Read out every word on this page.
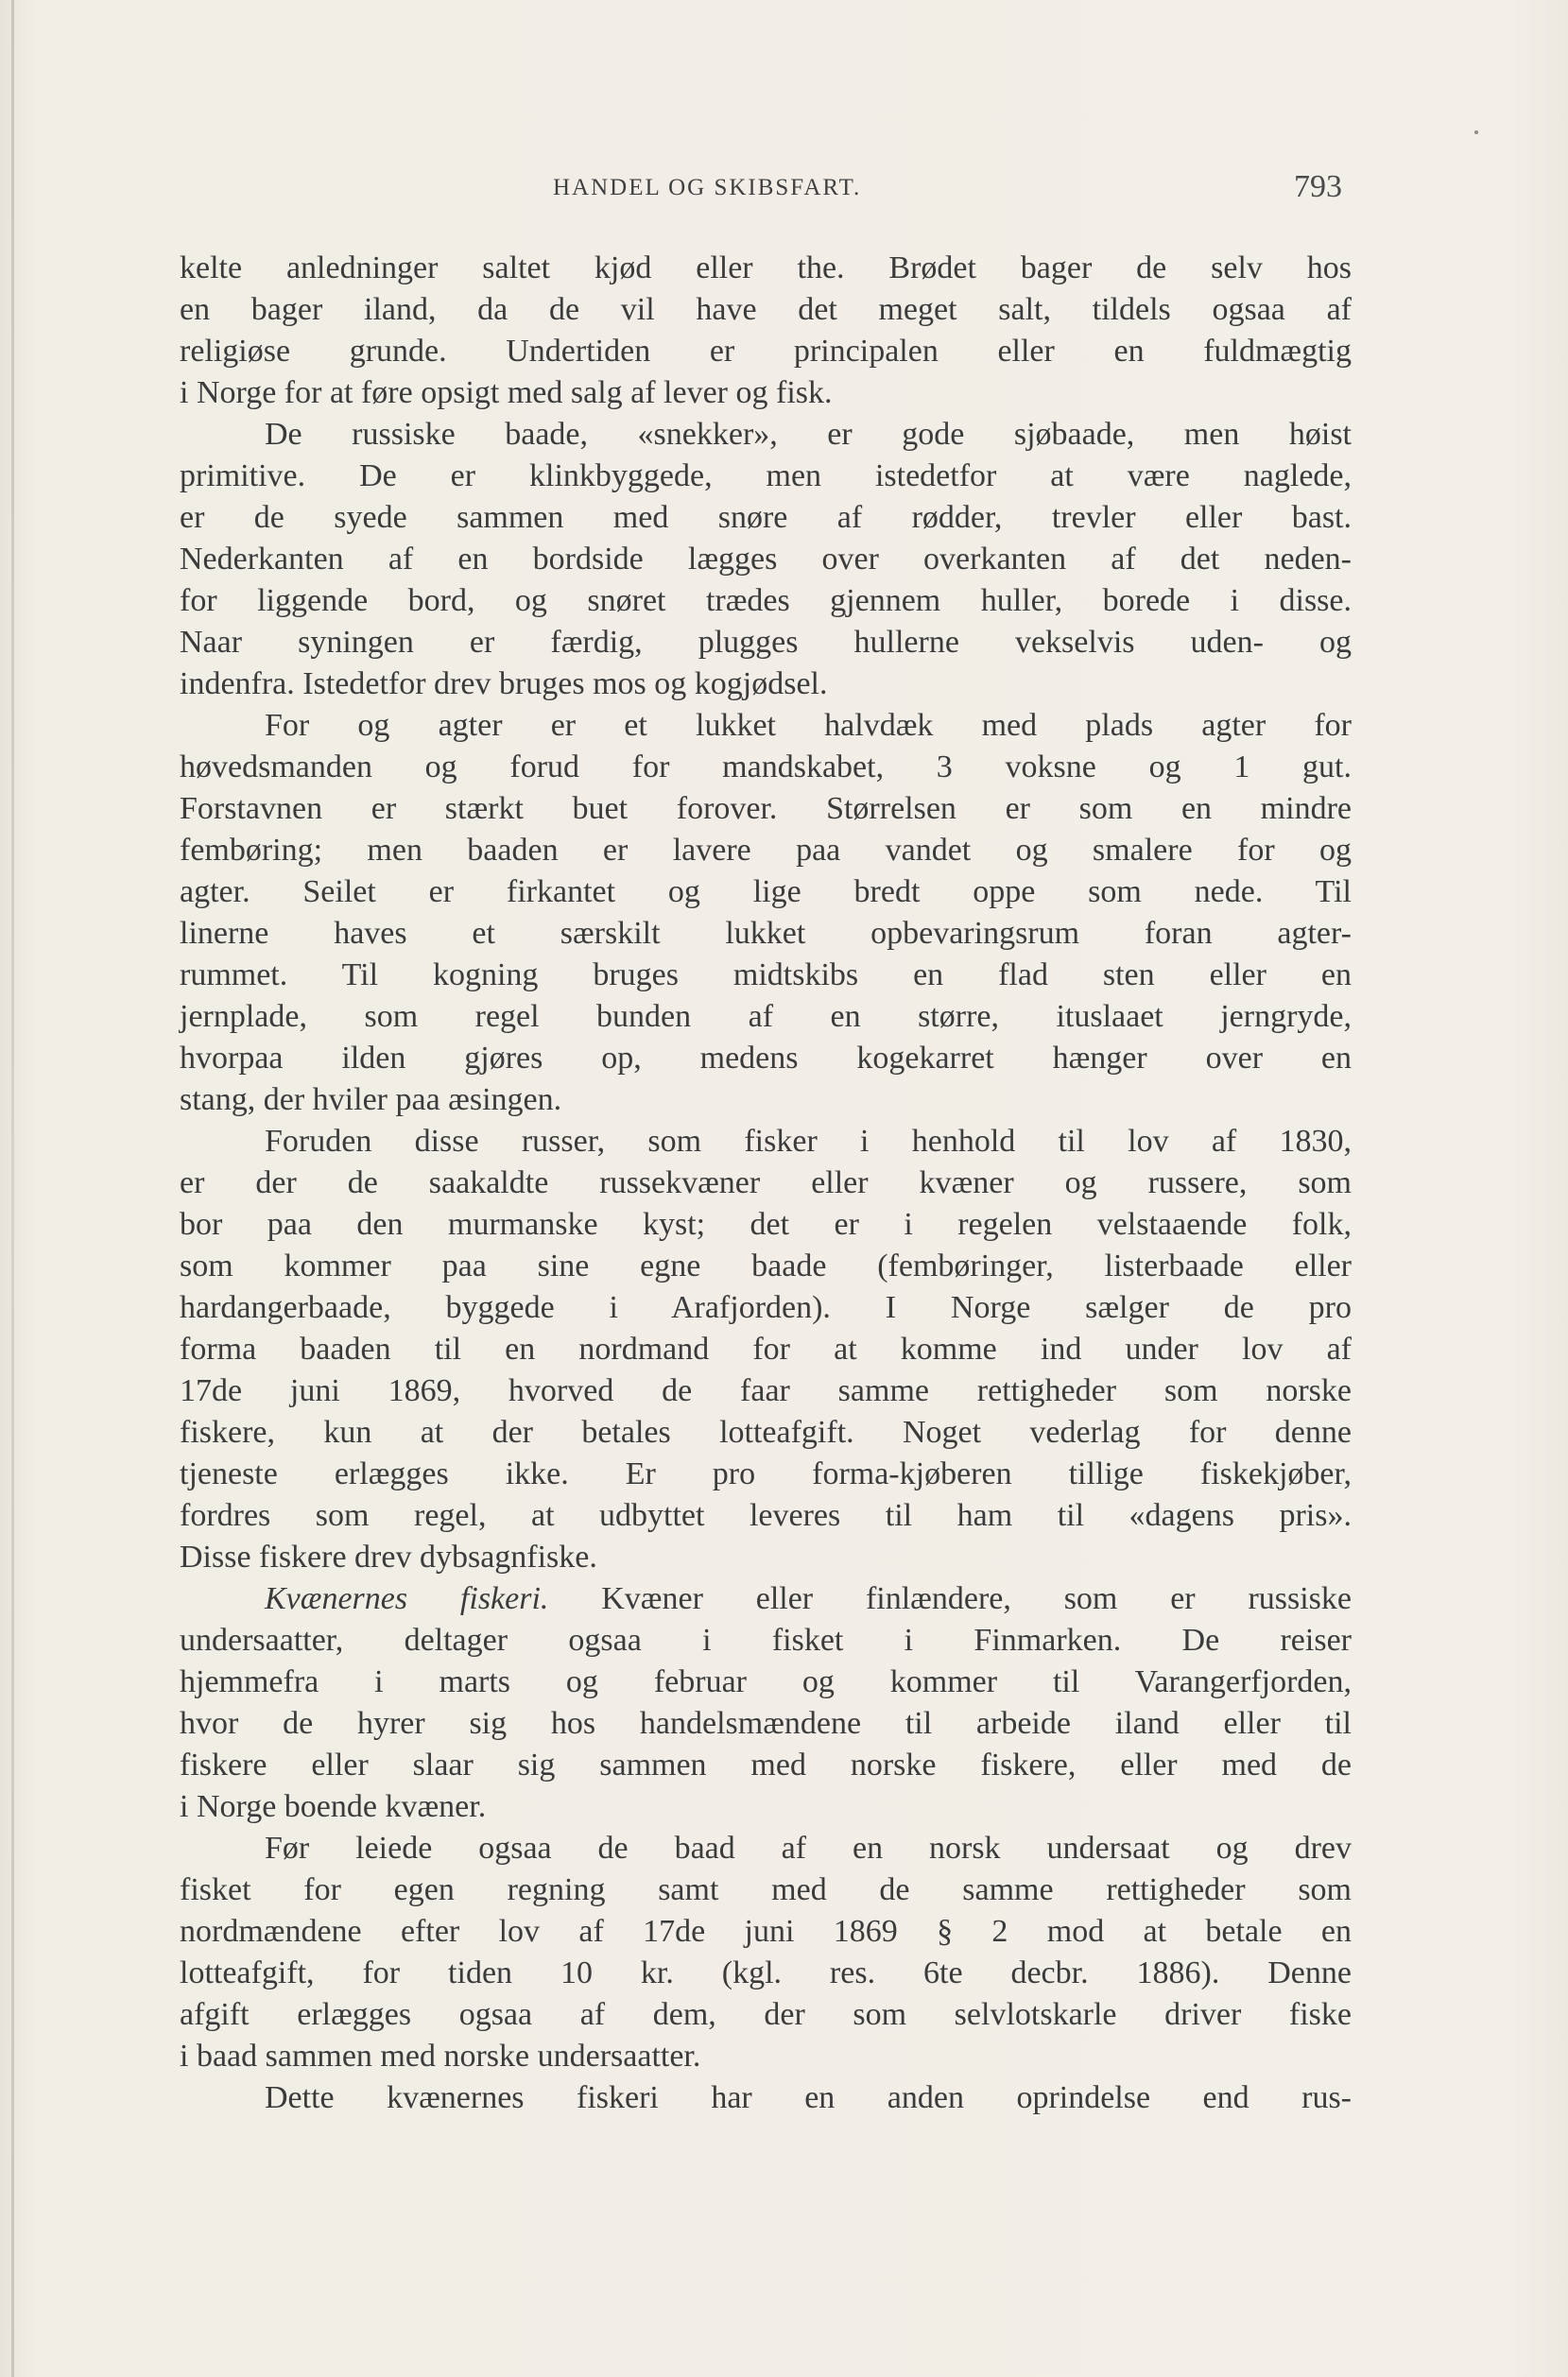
HANDEL OG SKIBSFART.	793
kelte anledninger saltet kjød eller the. Brødet bager de selv hos
en bager iland, da de vil have det meget salt, tildels ogsaa af
religiøse grunde. Undertiden er principalen eller en fuldmægtig
i Norge for at føre opsigt med salg af lever og fisk.
De russiske baade, «snekker», er gode sjøbaade, men høist
primitive. De er klinkbyggede, men istedetfor at være naglede,
er de syede sammen med snøre af rødder, trevler eller bast.
Nederkanten af en bordside lægges over overkanten af det neden-
for liggende bord, og snøret trædes gjennem huller, borede i disse.
Naar syningen er færdig, plugges hullerne vekselvis uden- og
indenfra. Istedetfor drev bruges mos og kogjødsel.
For og agter er et lukket halvdæk med plads agter for
høvedsmanden og forud for mandskabet, 3 voksne og 1 gut.
Forstavnen er stærkt buet forover. Størrelsen er som en mindre
fembøring; men baaden er lavere paa vandet og smalere for og
agter. Seilet er firkantet og lige bredt oppe som nede. Til
linerne haves et særskilt lukket opbevaringsrum foran agter-
rummet. Til kogning bruges midtskibs en flad sten eller en
jernplade, som regel bunden af en større, ituslaaet jerngryde,
hvorpaa ilden gjøres op, medens kogekarret hænger over en
stang, der hviler paa æsingen.
Foruden disse russer, som fisker i henhold til lov af 1830,
er der de saakaldte russekvæner eller kvæner og russere, som
bor paa den murmanske kyst; det er i regelen velstaaende folk,
som kommer paa sine egne baade (fembøringer, listerbaade eller
hardangerbaade, byggede i Arafjorden). I Norge sælger de pro
forma baaden til en nordmand for at komme ind under lov af
17de juni 1869, hvorved de faar samme rettigheder som norske
fiskere, kun at der betales lotteafgift. Noget vederlag for denne
tjeneste erlægges ikke. Er pro forma-kjøberen tillige fiskekjøber,
fordres som regel, at udbyttet leveres til ham til «dagens pris».
Disse fiskere drev dybsagnfiske.
Kvænernes fiskeri. Kvæner eller finlændere, som er russiske
undersaatter, deltager ogsaa i fisket i Finmarken. De reiser
hjemmefra i marts og februar og kommer til Varangerfjorden,
hvor de hyrer sig hos handelsmændene til arbeide iland eller til
fiskere eller slaar sig sammen med norske fiskere, eller med de
i Norge boende kvæner.
Før leiede ogsaa de baad af en norsk undersaat og drev
fisket for egen regning samt med de samme rettigheder som
nordmændene efter lov af 17de juni 1869 § 2 mod at betale en
lotteafgift, for tiden 10 kr. (kgl. res. 6te decbr. 1886). Denne
afgift erlægges ogsaa af dem, der som selvlotskarle driver fiske
i baad sammen med norske undersaatter.
Dette kvænernes fiskeri har en anden oprindelse end rus-
